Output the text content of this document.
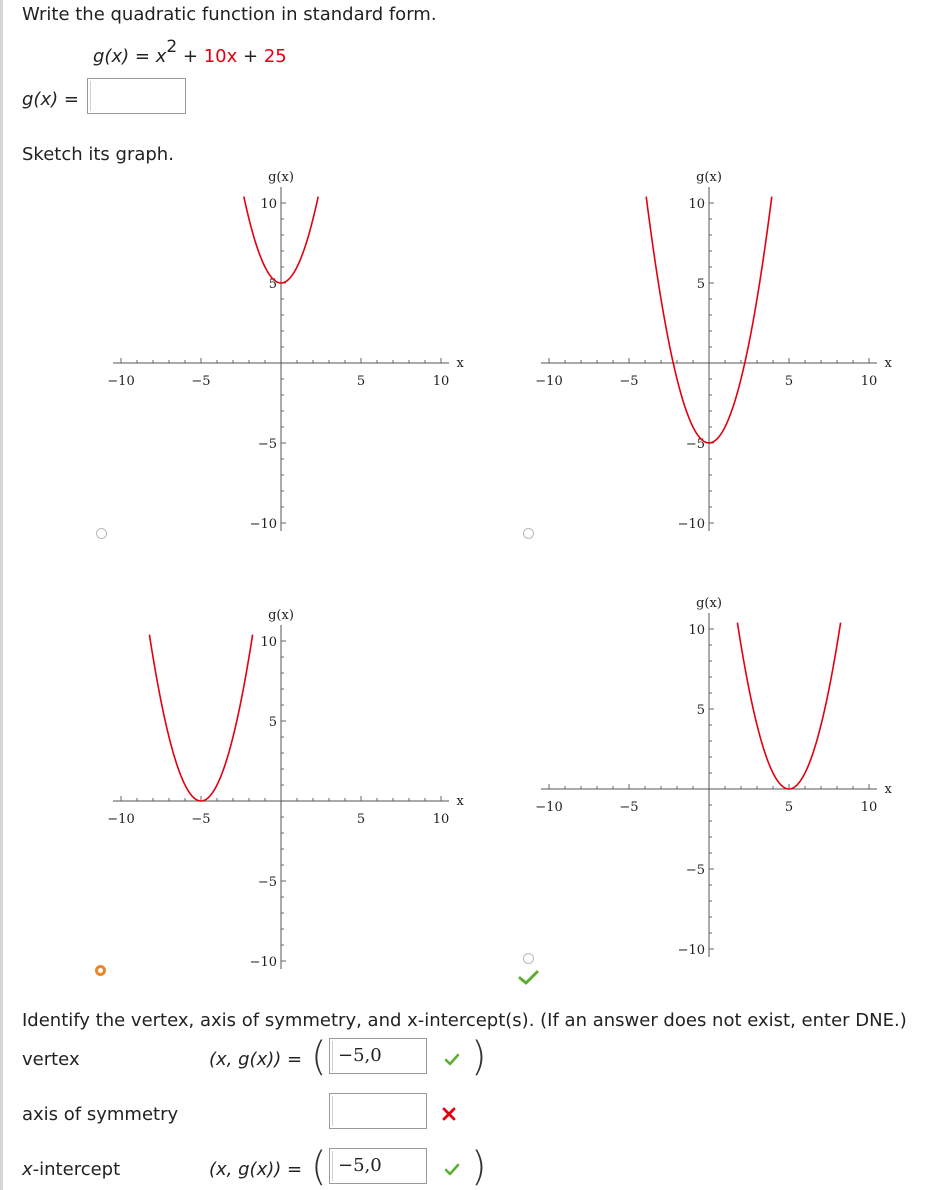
Write the quadratic function in standard form.
$g(x) = x^2 + 10x + 25$
g(x) =
Sketch its graph.
−10	−5	5	10
10
5
−5
−10
g(x)
x
−10	−5	5	10
10
5
−5
−10
g(x)
x
−10	−5	5	10
10
5
−5
−10
g(x)
x	−10	−5	5	10
10
5
−5
−10
g(x)
x
Identify the vertex, axis of symmetry, and x-intercept(s). (If an answer does not exist, enter DNE.)
vertex	(x, g(x)) = ( −5,0	)
axis of symmetry
x-intercept	(x, g(x)) = ( −5,0	)
